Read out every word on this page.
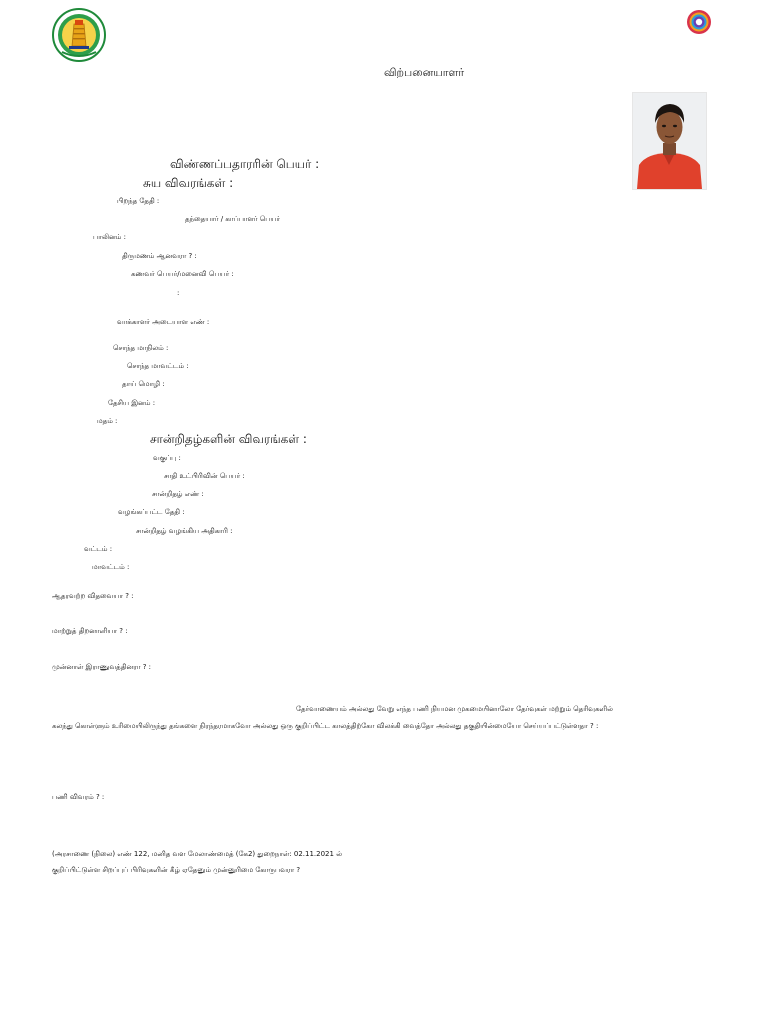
விற்பனையாளர்
விண்ணப்பதாரரின் பெயர் :
சுய விவரங்கள் :
பிறந்த தேதி :
தந்தையார் / காப்பாளர் பெயர்
பாலினம் :
திருமணம் ஆனவரா ? :
கணவர் பெயர்/மனைவி பெயர் :
:
வாக்காளர் அடையாள எண் :
சொந்த மாநிலம் :
சொந்த மாவட்டம் :
தாய் மொழி :
தேசிய இனம் :
மதம் :
சான்றிதழ்களின் விவரங்கள் :
வகுப்பு :
சாதி உட்பிரிவின் பெயர் :
சான்றிதழ் எண் :
வழங்கப்பட்ட தேதி :
சான்றிதழ் வழங்கிய அதிகாரி :
வட்டம் :
மாவட்டம் :
ஆதரவற்ற விதவையா ? :
மாற்றுத் திறனாளியா ? :
முன்னாள் இராணுவத்தினரா ? :
தேர்வாணையம் அல்லது வேறு எந்த பணி நியமன முகமையினாலோ தேர்வுகள் மற்றும் தெரிவுகளில்
கலந்து கொள்ளும் உரிமையிலிருந்து தங்களை நிரந்தரமாகவோ அல்லது ஒரு குறிப்பிட்ட காலத்திற்கோ விலக்கி வைத்தோ அல்லது தகுதியின்மையோ செய்யப்பட்டுள்ளதா ? :
பணி விவரம் ? :
(அரசாணை (நிலை) எண் 122, மனித வள மேலாண்மைத் (கே2) துறைநாள்: 02.11.2021 ல்
குறிப்பிட்டுள்ள சிறப்புப் பிரிவுகளின் கீழ் ஏதேனும் முன்னுரிமை கோருபவரா ?
